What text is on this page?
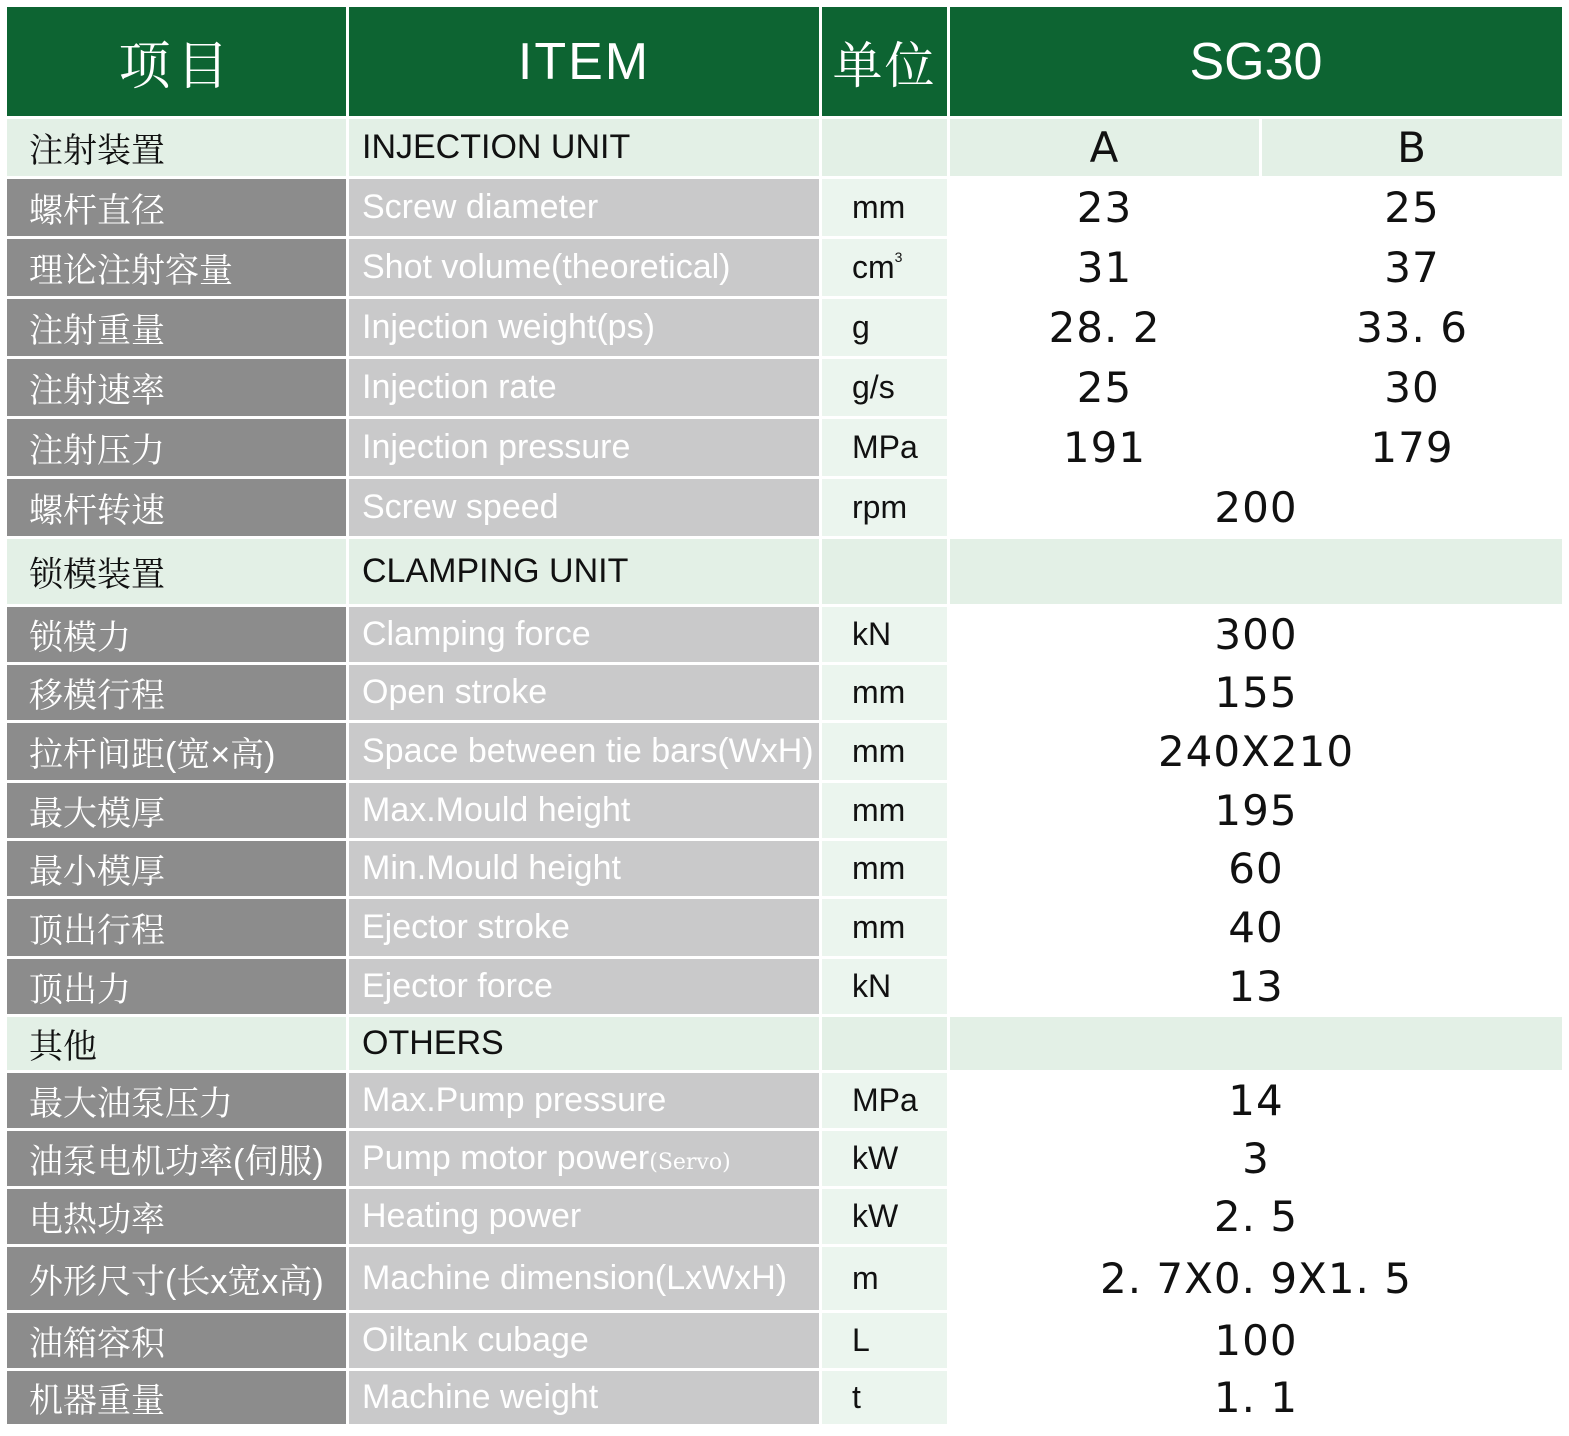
项目	ITEM	单位	SG30	
注射装置	INJECTION UNIT		A	B
螺杆直径	Screw diameter	mm	23	25
理论注射容量	Shot volume(theoretical)	$cm^3$	31	37
注射重量	Injection weight(ps)	g	28. 2	33. 6
注射速率	Injection rate	g/s	25	30
注射压力	Injection pressure	MPa	191	179
螺杆转速	Screw speed	rpm	200	
锁模装置	CLAMPING UNIT			
锁模力	Clamping force	kN	300	
移模行程	Open stroke	mm	155	
拉杆间距(宽×高)	Space between tie bars(WxH)	mm	240X210	
最大模厚	Max.Mould height	mm	195	
最小模厚	Min.Mould height	mm	60	
顶出行程	Ejector stroke	mm	40	
顶出力	Ejector force	kN	13	
其他	OTHERS			
最大油泵压力	Max.Pump pressure	MPa	14	
油泵电机功率(伺服)	Pump motor power(Servo)	kW	3	
电热功率	Heating power	kW	2. 5	
外形尺寸(长x宽x高)	Machine dimension(LxWxH)	m	2. 7X0. 9X1. 5	
油箱容积	Oiltank cubage	L	100	
机器重量	Machine weight	t	1. 1	
